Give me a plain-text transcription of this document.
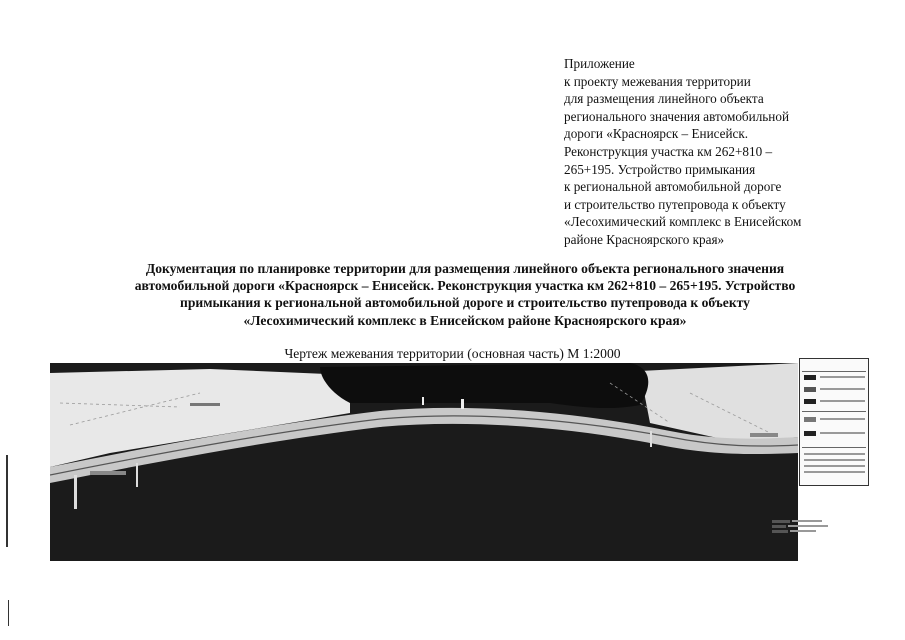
Приложение
к проекту межевания территории
для размещения линейного объекта
регионального значения автомобильной
дороги «Красноярск – Енисейск.
Реконструкция участка км 262+810 –
265+195. Устройство примыкания
к региональной автомобильной дороге
и строительство путепровода к объекту
«Лесохимический комплекс в Енисейском
районе Красноярского края»
Документация по планировке территории для размещения линейного объекта регионального значения
автомобильной дороги «Красноярск – Енисейск. Реконструкция участка км 262+810 – 265+195. Устройство
примыкания к региональной автомобильной дороге и строительство путепровода к объекту
«Лесохимический комплекс в Енисейском районе Красноярского края»
Чертеж межевания территории (основная часть) М 1:2000
